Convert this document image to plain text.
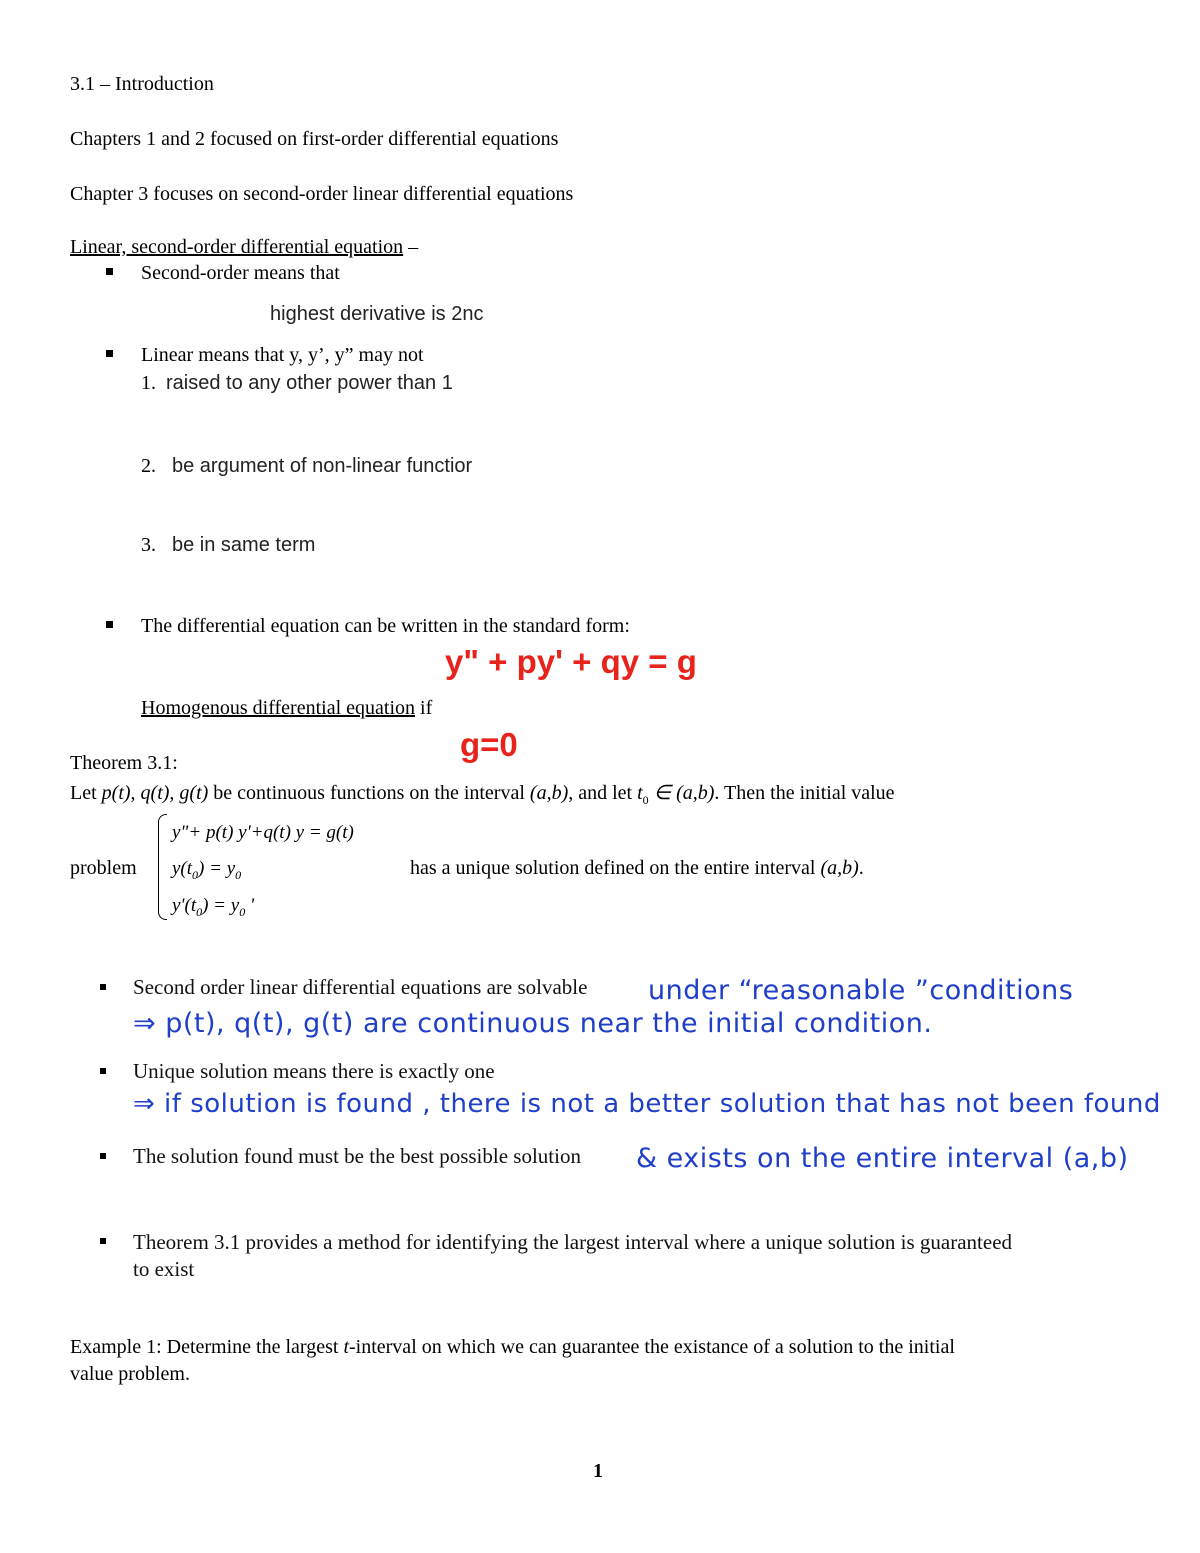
3.1 – Introduction
Chapters 1 and 2 focused on first-order differential equations
Chapter 3 focuses on second-order linear differential equations
Linear, second-order differential equation –
Second-order means that
highest derivative is 2nc
Linear means that y, y’, y” may not
1. raised to any other power than 1
2. be argument of non-linear functior
3. be in same term
The differential equation can be written in the standard form:
y" + py' + qy = g
Homogenous differential equation if
g=0
Theorem 3.1:
Let p(t), q(t), g(t) be continuous functions on the interval (a,b), and let $t_0$ ∈ (a,b). Then the initial value
problem
y"+ p(t) y'+q(t) y = g(t)
$y(t_0) = y_0$
$y'(t_0) = y_0$ '
has a unique solution defined on the entire interval (a,b).
Second order linear differential equations are solvable under “reasonable ”conditions
⇒ p(t), q(t), g(t) are continuous near the initial condition.
Unique solution means there is exactly one
⇒ if solution is found , there is not a better solution that has not been found
The solution found must be the best possible solution & exists on the entire interval (a,b)
Theorem 3.1 provides a method for identifying the largest interval where a unique solution is guaranteed
to exist
Example 1: Determine the largest t-interval on which we can guarantee the existance of a solution to the initial
value problem.
1
